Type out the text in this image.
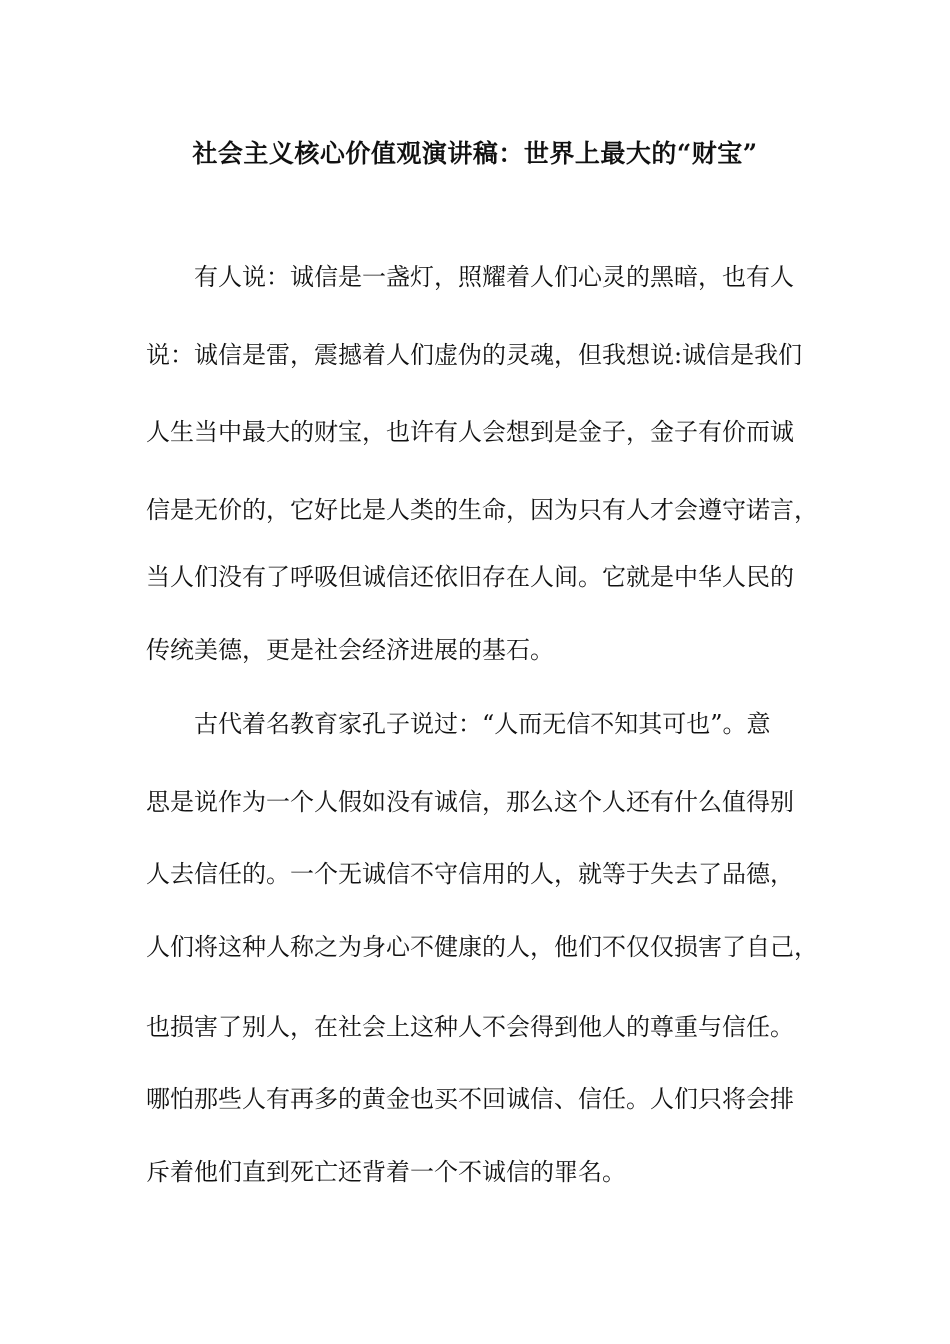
社会主义核心价值观演讲稿：世界上最大的“财宝”
　　有人说：诚信是一盏灯，照耀着人们心灵的黑暗，也有人
说：诚信是雷，震撼着人们虚伪的灵魂，但我想说:诚信是我们
人生当中最大的财宝，也许有人会想到是金子，金子有价而诚
信是无价的，它好比是人类的生命，因为只有人才会遵守诺言，
当人们没有了呼吸但诚信还依旧存在人间。它就是中华人民的
传统美德，更是社会经济进展的基石。
　　古代着名教育家孔子说过：“人而无信不知其可也”。意
思是说作为一个人假如没有诚信，那么这个人还有什么值得别
人去信任的。一个无诚信不守信用的人，就等于失去了品德，
人们将这种人称之为身心不健康的人，他们不仅仅损害了自己，
也损害了别人，在社会上这种人不会得到他人的尊重与信任。
哪怕那些人有再多的黄金也买不回诚信、信任。人们只将会排
斥着他们直到死亡还背着一个不诚信的罪名。
